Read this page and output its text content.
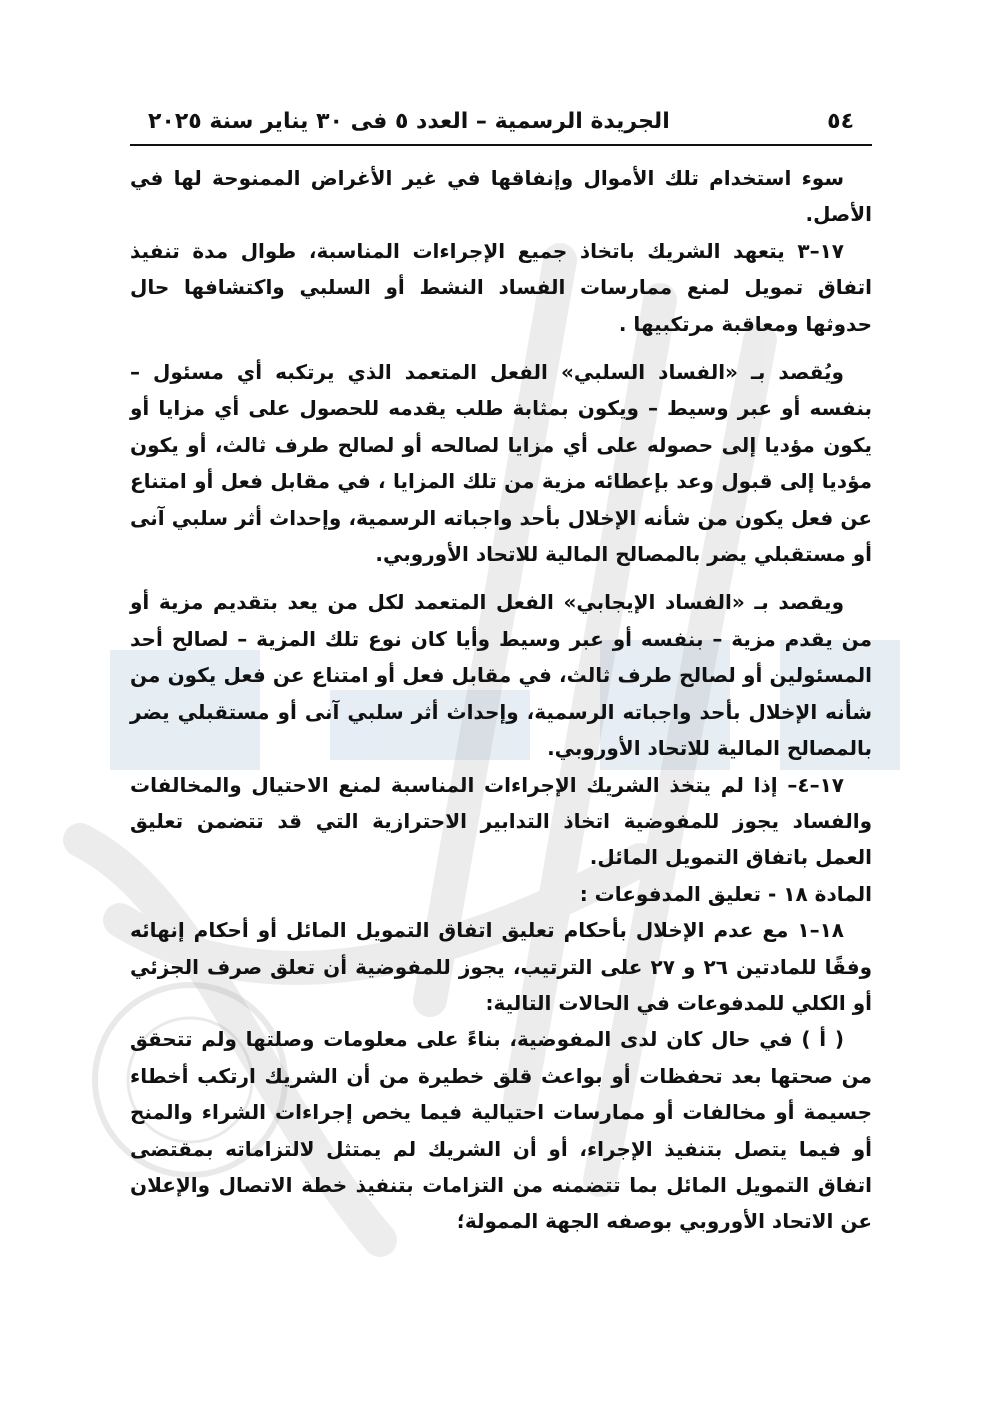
الجريدة الرسمية – العدد ٥ فى ٣٠ يناير سنة ٢٠٢٥	٥٤

سوء استخدام تلك الأموال وإنفاقها في غير الأغراض الممنوحة لها في الأصل.

١٧–٣ يتعهد الشريك باتخاذ جميع الإجراءات المناسبة، طوال مدة تنفيذ اتفاق تمويل لمنع ممارسات الفساد النشط أو السلبي واكتشافها حال حدوثها ومعاقبة مرتكبيها .

ويُقصد بـ «الفساد السلبي» الفعل المتعمد الذي يرتكبه أي مسئول – بنفسه أو عبر وسيط – ويكون بمثابة طلب يقدمه للحصول على أي مزايا أو يكون مؤديا إلى حصوله على أي مزايا لصالحه أو لصالح طرف ثالث، أو يكون مؤديا إلى قبول وعد بإعطائه مزية من تلك المزايا ، في مقابل فعل أو امتناع عن فعل يكون من شأنه الإخلال بأحد واجباته الرسمية، وإحداث أثر سلبي آنى أو مستقبلي يضر بالمصالح المالية للاتحاد الأوروبي.

ويقصد بـ «الفساد الإيجابي» الفعل المتعمد لكل من يعد بتقديم مزية أو من يقدم مزية – بنفسه أو عبر وسيط وأيا كان نوع تلك المزية – لصالح أحد المسئولين أو لصالح طرف ثالث، في مقابل فعل أو امتناع عن فعل يكون من شأنه الإخلال بأحد واجباته الرسمية، وإحداث أثر سلبي آنى أو مستقبلي يضر بالمصالح المالية للاتحاد الأوروبي.

١٧–٤– إذا لم يتخذ الشريك الإجراءات المناسبة لمنع الاحتيال والمخالفات والفساد يجوز للمفوضية اتخاذ التدابير الاحترازية التي قد تتضمن تعليق العمل باتفاق التمويل المائل.

المادة ١٨ - تعليق المدفوعات :

١٨–١ مع عدم الإخلال بأحكام تعليق اتفاق التمويل المائل أو أحكام إنهائه وفقًا للمادتين ٢٦ و ٢٧ على الترتيب، يجوز للمفوضية أن تعلق صرف الجزئي أو الكلي للمدفوعات في الحالات التالية:

( أ ) في حال كان لدى المفوضية، بناءً على معلومات وصلتها ولم تتحقق من صحتها بعد تحفظات أو بواعث قلق خطيرة من أن الشريك ارتكب أخطاء جسيمة أو مخالفات أو ممارسات احتيالية فيما يخص إجراءات الشراء والمنح أو فيما يتصل بتنفيذ الإجراء، أو أن الشريك لم يمتثل لالتزاماته بمقتضى اتفاق التمويل المائل بما تتضمنه من التزامات بتنفيذ خطة الاتصال والإعلان عن الاتحاد الأوروبي بوصفه الجهة الممولة؛
